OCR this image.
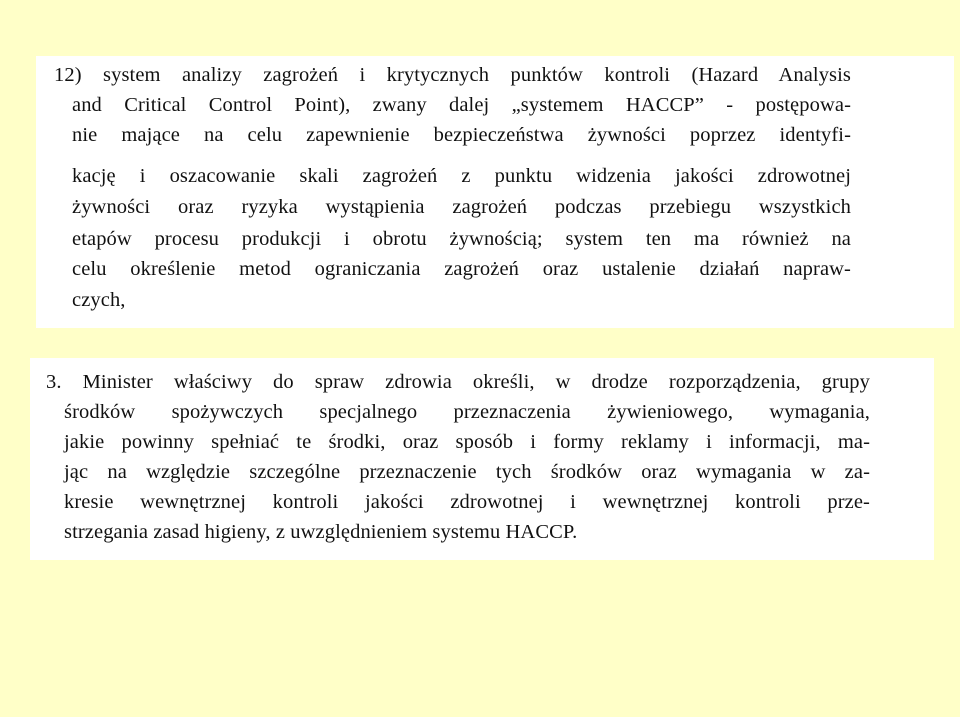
12) system analizy zagrożeń i krytycznych punktów kontroli (Hazard Analysis
and Critical Control Point), zwany dalej „systemem HACCP” - postępowa-
nie mające na celu zapewnienie bezpieczeństwa żywności poprzez identyfi-
kację i oszacowanie skali zagrożeń z punktu widzenia jakości zdrowotnej
żywności oraz ryzyka wystąpienia zagrożeń podczas przebiegu wszystkich
etapów procesu produkcji i obrotu żywnością; system ten ma również na
celu określenie metod ograniczania zagrożeń oraz ustalenie działań napraw-
czych,
3. Minister właściwy do spraw zdrowia określi, w drodze rozporządzenia, grupy
środków spożywczych specjalnego przeznaczenia żywieniowego, wymagania,
jakie powinny spełniać te środki, oraz sposób i formy reklamy i informacji, ma-
jąc na względzie szczególne przeznaczenie tych środków oraz wymagania w za-
kresie wewnętrznej kontroli jakości zdrowotnej i wewnętrznej kontroli prze-
strzegania zasad higieny, z uwzględnieniem systemu HACCP.
